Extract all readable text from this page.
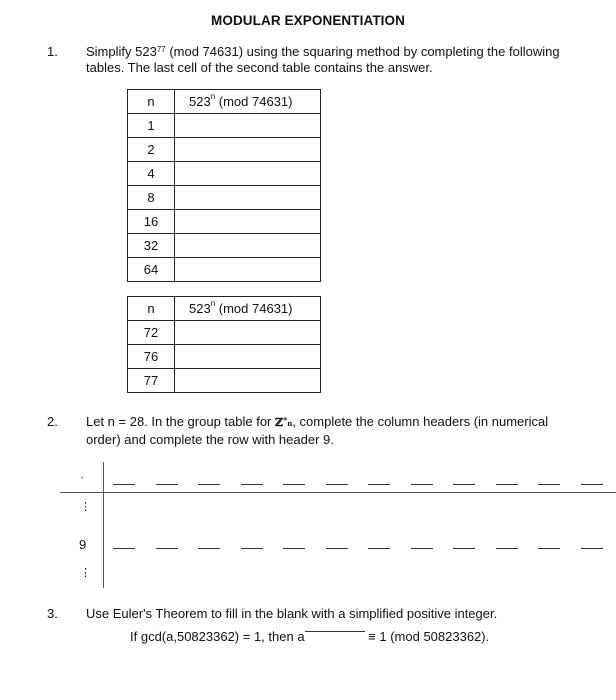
MODULAR EXPONENTIATION
1. Simplify $523^{77}$ (mod 74631) using the squaring method by completing the following
tables. The last cell of the second table contains the answer.
n	523$^n$ (mod 74631)
1	
2	
4	
8	
16	
32	
64	
n	523$^n$ (mod 74631)
72	
76	
77	
2. Let n = 28. In the group table for ℤ*n, complete the column headers (in numerical
order) and complete the row with header 9.
·
⋮
9
⋮
3. Use Euler's Theorem to fill in the blank with a simplified positive integer.
If gcd(a,50823362) = 1, then a	≡ 1 (mod 50823362).
